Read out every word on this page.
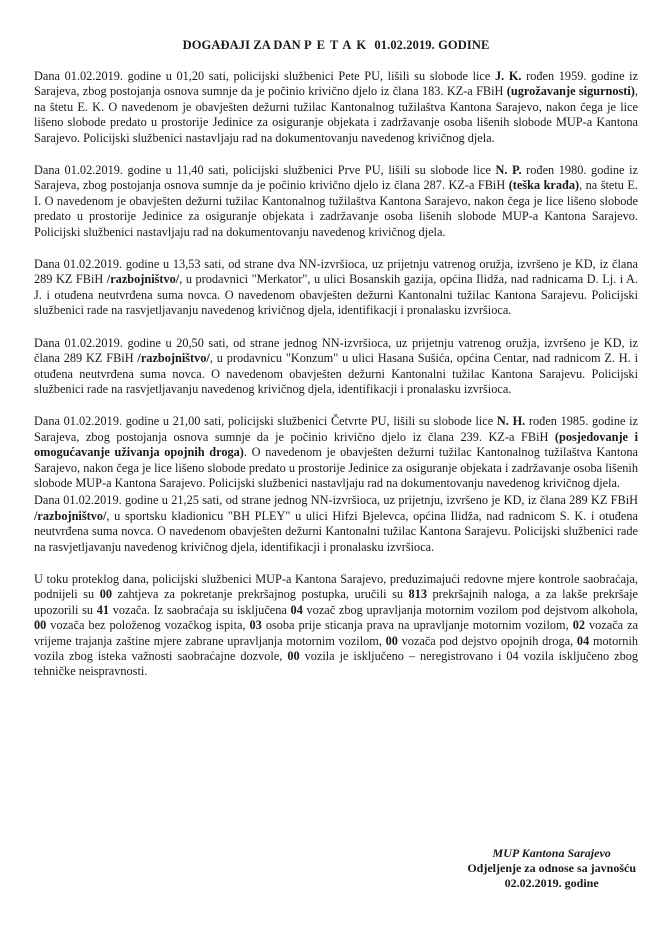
DOGAĐAJI ZA DAN PETAK 01.02.2019. GODINE

Dana 01.02.2019. godine u 01,20 sati, policijski službenici Pete PU, lišili su slobode lice J. K. rođen 1959. godine iz Sarajeva, zbog postojanja osnova sumnje da je počinio krivično djelo iz člana 183. KZ-a FBiH (ugrožavanje sigurnosti), na štetu E. K. O navedenom je obavješten dežurni tužilac Kantonalnog tužilaštva Kantona Sarajevo, nakon čega je lice lišeno slobode predato u prostorije Jedinice za osiguranje objekata i zadržavanje osoba lišenih slobode MUP-a Kantona Sarajevo. Policijski službenici nastavljaju rad na dokumentovanju navedenog krivičnog djela.

Dana 01.02.2019. godine u 11,40 sati, policijski službenici Prve PU, lišili su slobode lice N. P. rođen 1980. godine iz Sarajeva, zbog postojanja osnova sumnje da je počinio krivično djelo iz člana 287. KZ-a FBiH (teška krađa), na štetu E. I. O navedenom je obavješten dežurni tužilac Kantonalnog tužilaštva Kantona Sarajevo, nakon čega je lice lišeno slobode predato u prostorije Jedinice za osiguranje objekata i zadržavanje osoba lišenih slobode MUP-a Kantona Sarajevo. Policijski službenici nastavljaju rad na dokumentovanju navedenog krivičnog djela.

Dana 01.02.2019. godine u 13,53 sati, od strane dva NN-izvršioca, uz prijetnju vatrenog oružja, izvršeno je KD, iz člana 289 KZ FBiH /razbojništvo/, u prodavnici "Merkator", u ulici Bosanskih gazija, općina Ilidža, nad radnicama D. Lj. i A. J. i otuđena neutvrđena suma novca. O navedenom obavješten dežurni Kantonalni tužilac Kantona Sarajevu. Policijski službenici rade na rasvjetljavanju navedenog krivičnog djela, identifikacji i pronalasku izvršioca.

Dana 01.02.2019. godine u 20,50 sati, od strane jednog NN-izvršioca, uz prijetnju vatrenog oružja, izvršeno je KD, iz člana 289 KZ FBiH /razbojništvo/, u prodavnicu "Konzum" u ulici Hasana Sušića, općina Centar, nad radnicom Z. H. i otuđena neutvrđena suma novca. O navedenom obavješten dežurni Kantonalni tužilac Kantona Sarajevu. Policijski službenici rade na rasvjetljavanju navedenog krivičnog djela, identifikacji i pronalasku izvršioca.

Dana 01.02.2019. godine u 21,00 sati, policijski službenici Četvrte PU, lišili su slobode lice N. H. rođen 1985. godine iz Sarajeva, zbog postojanja osnova sumnje da je počinio krivično djelo iz člana 239. KZ-a FBiH (posjedovanje i omogućavanje uživanja opojnih droga). O navedenom je obavješten dežurni tužilac Kantonalnog tužilaštva Kantona Sarajevo, nakon čega je lice lišeno slobode predato u prostorije Jedinice za osiguranje objekata i zadržavanje osoba lišenih slobode MUP-a Kantona Sarajevo. Policijski službenici nastavljaju rad na dokumentovanju navedenog krivičnog djela.

Dana 01.02.2019. godine u 21,25 sati, od strane jednog NN-izvršioca, uz prijetnju, izvršeno je KD, iz člana 289 KZ FBiH /razbojništvo/, u sportsku kladionicu "BH PLEY" u ulici Hifzi Bjelevca, općina Ilidža, nad radnicom S. K. i otuđena neutvrđena suma novca. O navedenom obavješten dežurni Kantonalni tužilac Kantona Sarajevu. Policijski službenici rade na rasvjetljavanju navedenog krivičnog djela, identifikacji i pronalasku izvršioca.

U toku proteklog dana, policijski službenici MUP-a Kantona Sarajevo, preduzimajući redovne mjere kontrole saobraćaja, podnijeli su 00 zahtjeva za pokretanje prekršajnog postupka, uručili su 813 prekršajnih naloga, a za lakše prekršaje upozorili su 41 vozača. Iz saobraćaja su isključena 04 vozač zbog upravljanja motornim vozilom pod dejstvom alkohola, 00 vozača bez položenog vozačkog ispita, 03 osoba prije sticanja prava na upravljanje motornim vozilom, 02 vozača za vrijeme trajanja zaštine mjere zabrane upravljanja motornim vozilom, 00 vozača pod dejstvo opojnih droga, 04 motornih vozila zbog isteka važnosti saobraćajne dozvole, 00 vozila je isključeno – neregistrovano i 04 vozila isključeno zbog tehničke neispravnosti.

MUP Kantona Sarajevo
Odjeljenje za odnose sa javnošću
02.02.2019. godine
